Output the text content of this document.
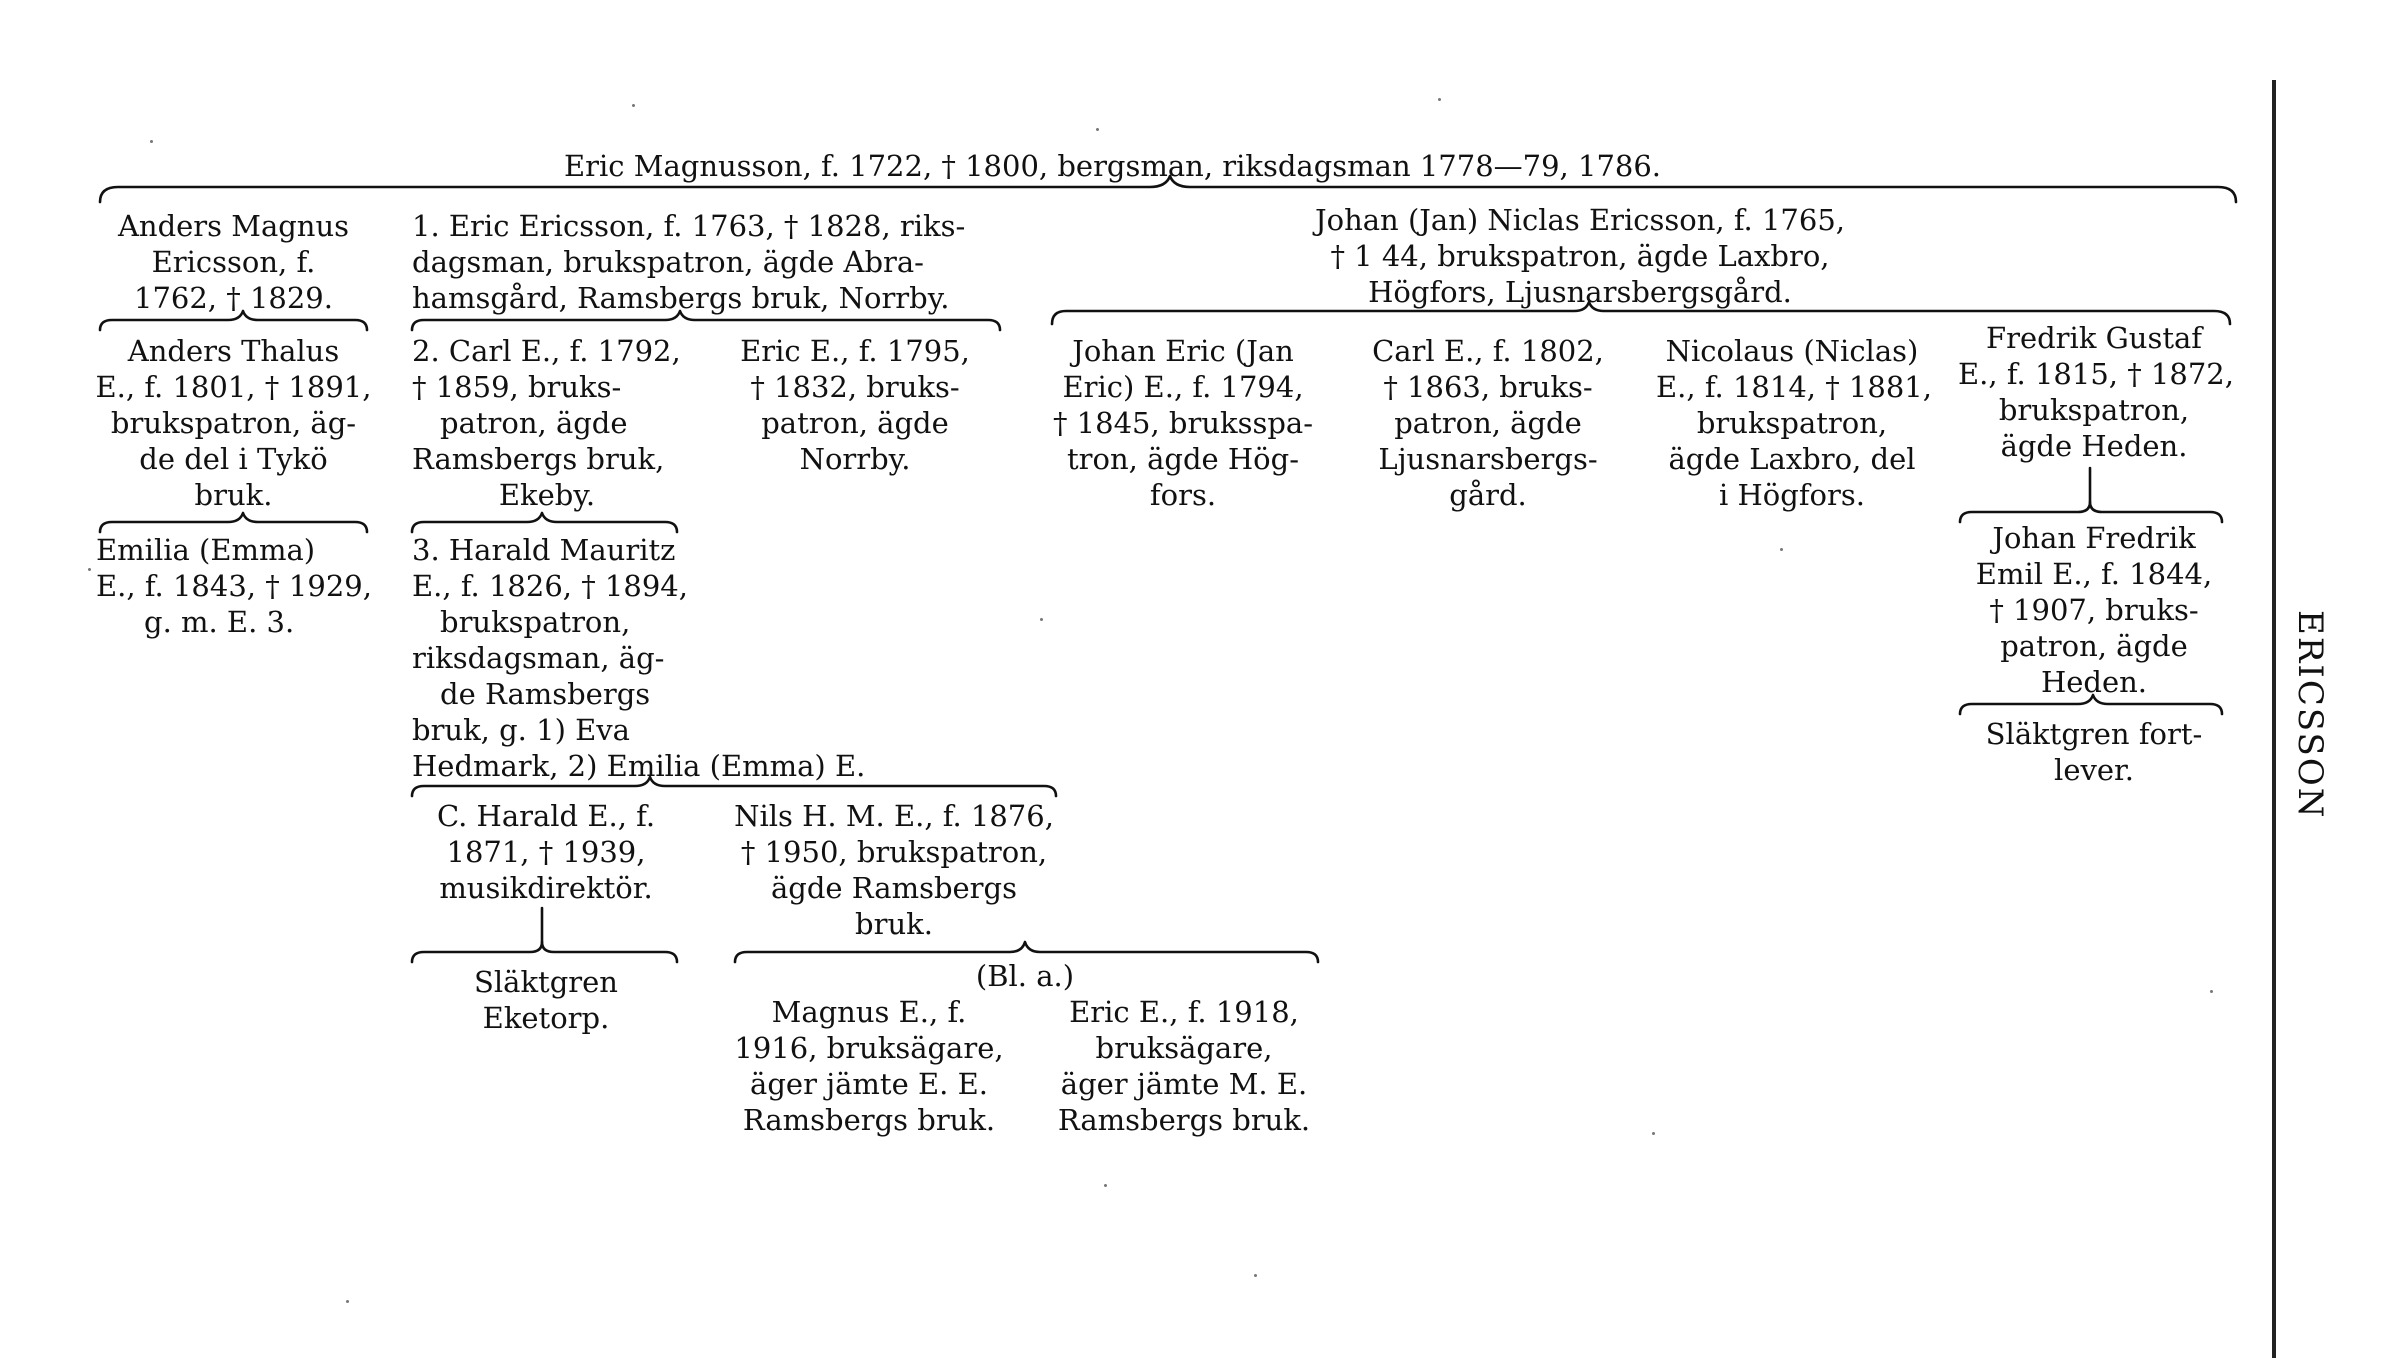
Eric Magnusson, f. 1722, † 1800, bergsman, riksdagsman 1778—79, 1786.
Anders Magnus
Ericsson, f.
1762, † 1829.
1. Eric Ericsson, f. 1763, † 1828, riks-
dagsman, brukspatron, ägde Abra-
hamsgård, Ramsbergs bruk, Norrby.
Johan (Jan) Niclas Ericsson, f. 1765,
† 1 44, brukspatron, ägde Laxbro,
Högfors, Ljusnarsbergsgård.
Anders Thalus
E., f. 1801, † 1891,
brukspatron, äg-
de del i Tykö
bruk.
2. Carl E., f. 1792,
† 1859, bruks-
patron, ägde
Ramsbergs bruk,
Ekeby.
Eric E., f. 1795,
† 1832, bruks-
patron, ägde
Norrby.
Johan Eric (Jan
Eric) E., f. 1794,
† 1845, bruksspa-
tron, ägde Hög-
fors.
Carl E., f. 1802,
† 1863, bruks-
patron, ägde
Ljusnarsbergs-
gård.
Nicolaus (Niclas)
E., f. 1814, † 1881,
brukspatron,
ägde Laxbro, del
i Högfors.
Fredrik Gustaf
E., f. 1815, † 1872,
brukspatron,
ägde Heden.
Emilia (Emma)
E., f. 1843, † 1929,
g. m. E. 3.
3. Harald Mauritz
E., f. 1826, † 1894,
brukspatron,
riksdagsman, äg-
de Ramsbergs
bruk, g. 1) Eva
Hedmark, 2) Emilia (Emma) E.
Johan Fredrik
Emil E., f. 1844,
† 1907, bruks-
patron, ägde
Heden.
Släktgren fort-
lever.
C. Harald E., f.
1871, † 1939,
musikdirektör.
Nils H. M. E., f. 1876,
† 1950, brukspatron,
ägde Ramsbergs
bruk.
Släktgren
Eketorp.
(Bl. a.)
Magnus E., f.
1916, bruksägare,
äger jämte E. E.
Ramsbergs bruk.
Eric E., f. 1918,
bruksägare,
äger jämte M. E.
Ramsbergs bruk.
ERICSSON
